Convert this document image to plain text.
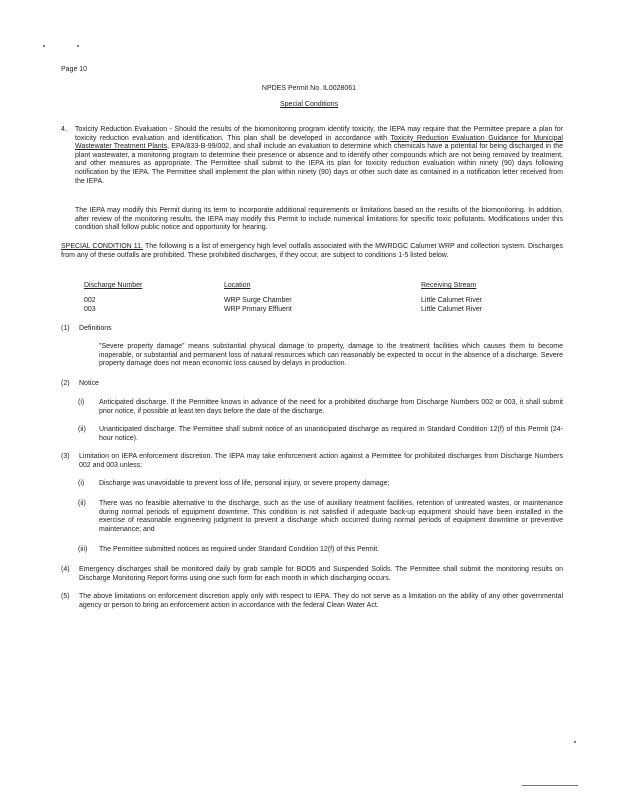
Page 10
NPDES Permit No. IL0028061
Special Conditions
4. Toxicity Reduction Evaluation - Should the results of the biomonitoring program identify toxicity, the IEPA may require that the Permittee prepare a plan for toxicity reduction evaluation and identification. This plan shall be developed in accordance with Toxicity Reduction Evaluation Guidance for Municipal Wastewater Treatment Plants, EPA/833-B-99/002, and shall include an evaluation to determine which chemicals have a potential for being discharged in the plant wastewater, a monitoring program to determine their presence or absence and to identify other compounds which are not being removed by treatment, and other measures as appropriate. The Permittee shall submit to the IEPA its plan for toxicity reduction evaluation within ninety (90) days following notification by the IEPA. The Permittee shall implement the plan within ninety (90) days or other such date as contained in a notification letter received from the IEPA.
The IEPA may modify this Permit during its term to incorporate additional requirements or limitations based on the results of the biomonitoring. In addition, after review of the monitoring results, the IEPA may modify this Permit to include numerical limitations for specific toxic pollutants. Modifications under this condition shall follow public notice and opportunity for hearing.
SPECIAL CONDITION 11. The following is a list of emergency high level outfalls associated with the MWRDGC Calumet WRP and collection system. Discharges from any of these outfalls are prohibited. These prohibited discharges, if they occur, are subject to conditions 1-5 listed below.
Discharge Number	Location	Receiving Stream
002	WRP Surge Chamber	Little Calumet River
003	WRP Primary Effluent	Little Calumet River
(1) Definitions
"Severe property damage" means substantial physical damage to property, damage to the treatment facilities which causes them to become inoperable, or substantial and permanent loss of natural resources which can reasonably be expected to occur in the absence of a discharge. Severe property damage does not mean economic loss caused by delays in production.
(2) Notice
(i) Anticipated discharge. If the Permittee knows in advance of the need for a prohibited discharge from Discharge Numbers 002 or 003, it shall submit prior notice, if possible at least ten days before the date of the discharge.
(ii) Unanticipated discharge. The Permittee shall submit notice of an unanticipated discharge as required in Standard Condition 12(f) of this Permit (24-hour notice).
(3) Limitation on IEPA enforcement discretion. The IEPA may take enforcement action against a Permittee for prohibited discharges from Discharge Numbers 002 and 003 unless:
(i) Discharge was unavoidable to prevent loss of life, personal injury, or severe property damage;
(ii) There was no feasible alternative to the discharge, such as the use of auxiliary treatment facilities, retention of untreated wastes, or maintenance during normal periods of equipment downtime. This condition is not satisfied if adequate back-up equipment should have been installed in the exercise of reasonable engineering judgment to prevent a discharge which occurred during normal periods of equipment downtime or preventive maintenance; and
(iii) The Permittee submitted notices as required under Standard Condition 12(f) of this Permit.
(4) Emergency discharges shall be monitored daily by grab sample for BOD5 and Suspended Solids. The Permittee shall submit the monitoring results on Discharge Monitoring Report forms using one such form for each month in which discharging occurs.
(5) The above limitations on enforcement discretion apply only with respect to IEPA. They do not serve as a limitation on the ability of any other governmental agency or person to bring an enforcement action in accordance with the federal Clean Water Act.
